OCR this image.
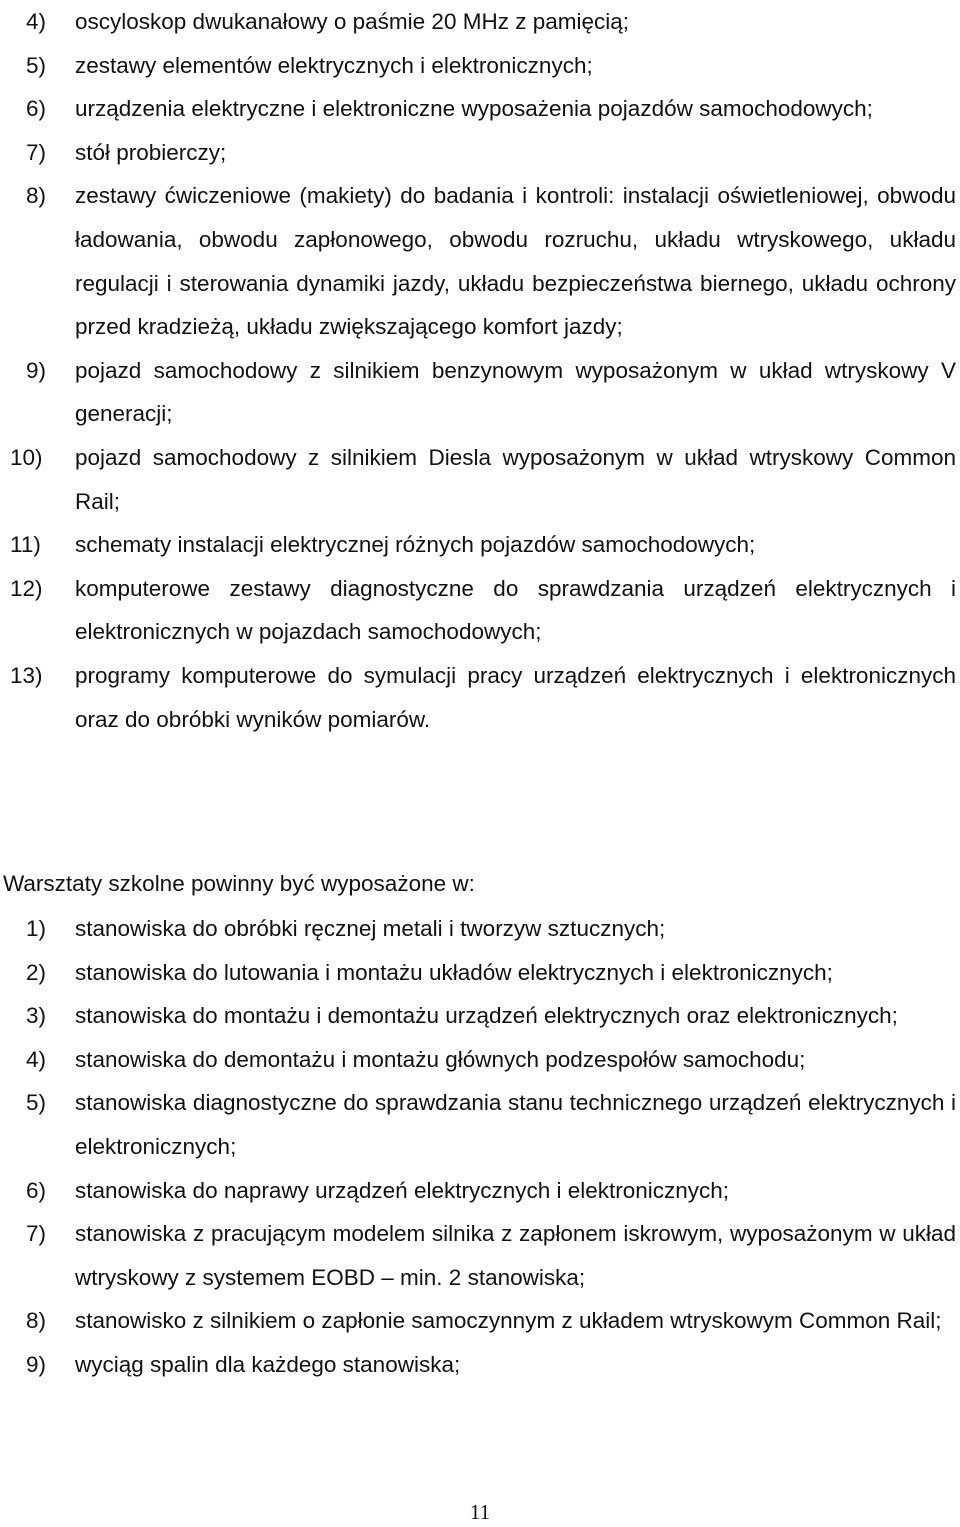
4) oscyloskop dwukanałowy o paśmie 20 MHz z pamięcią;
5) zestawy elementów elektrycznych i elektronicznych;
6) urządzenia elektryczne i elektroniczne wyposażenia pojazdów samochodowych;
7) stół probierczy;
8) zestawy ćwiczeniowe (makiety) do badania i kontroli: instalacji oświetleniowej, obwodu ładowania, obwodu zapłonowego, obwodu rozruchu, układu wtryskowego, układu regulacji i sterowania dynamiki jazdy, układu bezpieczeństwa biernego, układu ochrony przed kradzieżą, układu zwiększającego komfort jazdy;
9) pojazd samochodowy z silnikiem benzynowym wyposażonym w układ wtryskowy V generacji;
10) pojazd samochodowy z silnikiem Diesla wyposażonym w układ wtryskowy Common Rail;
11) schematy instalacji elektrycznej różnych pojazdów samochodowych;
12) komputerowe zestawy diagnostyczne do sprawdzania urządzeń elektrycznych i elektronicznych w pojazdach samochodowych;
13) programy komputerowe do symulacji pracy urządzeń elektrycznych i elektronicznych oraz do obróbki wyników pomiarów.
Warsztaty szkolne powinny być wyposażone w:
1) stanowiska do obróbki ręcznej metali i tworzyw sztucznych;
2) stanowiska do lutowania i montażu układów elektrycznych i elektronicznych;
3) stanowiska do montażu i demontażu urządzeń elektrycznych oraz elektronicznych;
4) stanowiska do demontażu i montażu głównych podzespołów samochodu;
5) stanowiska diagnostyczne do sprawdzania stanu technicznego urządzeń elektrycznych i elektronicznych;
6) stanowiska do naprawy urządzeń elektrycznych i elektronicznych;
7) stanowiska z pracującym modelem silnika z zapłonem iskrowym, wyposażonym w układ wtryskowy z systemem EOBD – min. 2 stanowiska;
8) stanowisko z silnikiem o zapłonie samoczynnym z układem wtryskowym Common Rail;
9) wyciąg spalin dla każdego stanowiska;
11
